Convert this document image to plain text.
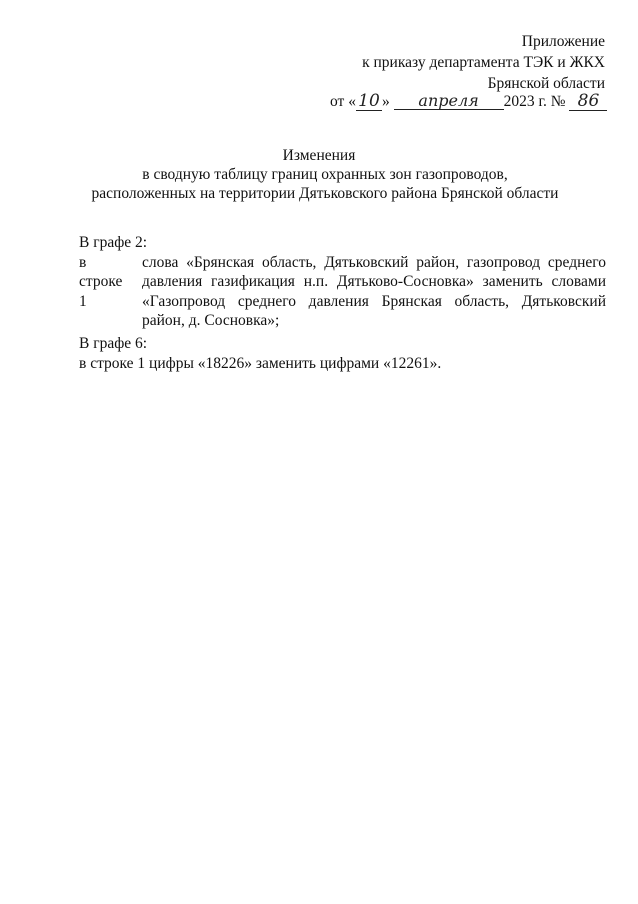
Приложение
к приказу департамента ТЭК и ЖКХ
Брянской области
от « 10 » апреля 2023 г. № 86
Изменения
в сводную таблицу границ охранных зон газопроводов,
расположенных на территории Дятьковского района Брянской области
В графе 2:
в строке 1
слова «Брянская область, Дятьковский район, газопровод среднего
давления газификация н.п. Дятьково-Сосновка» заменить словами
«Газопровод среднего давления Брянская область, Дятьковский
район, д. Сосновка»;
В графе 6:
в строке 1 цифры «18226» заменить цифрами «12261».
